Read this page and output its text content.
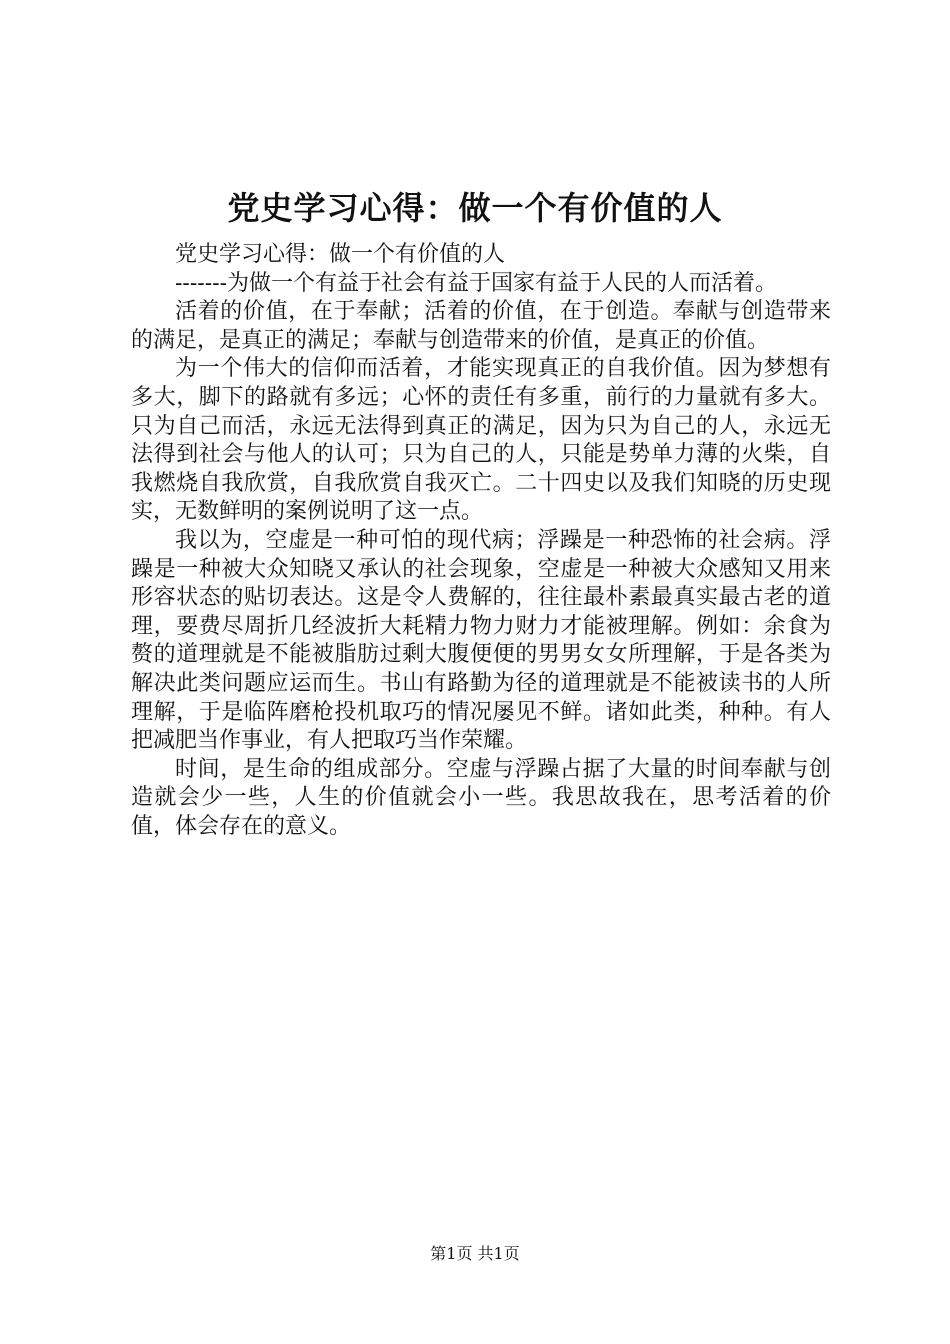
党史学习心得：做一个有价值的人

党史学习心得：做一个有价值的人

-------为做一个有益于社会有益于国家有益于人民的人而活着。

活着的价值，在于奉献；活着的价值，在于创造。奉献与创造带来的满足，是真正的满足；奉献与创造带来的价值，是真正的价值。

为一个伟大的信仰而活着，才能实现真正的自我价值。因为梦想有多大，脚下的路就有多远；心怀的责任有多重，前行的力量就有多大。只为自己而活，永远无法得到真正的满足，因为只为自己的人，永远无法得到社会与他人的认可；只为自己的人，只能是势单力薄的火柴，自我燃烧自我欣赏，自我欣赏自我灭亡。二十四史以及我们知晓的历史现实，无数鲜明的案例说明了这一点。

我以为，空虚是一种可怕的现代病；浮躁是一种恐怖的社会病。浮躁是一种被大众知晓又承认的社会现象，空虚是一种被大众感知又用来形容状态的贴切表达。这是令人费解的，往往最朴素最真实最古老的道理，要费尽周折几经波折大耗精力物力财力才能被理解。例如：余食为赘的道理就是不能被脂肪过剩大腹便便的男男女女所理解，于是各类为解决此类问题应运而生。书山有路勤为径的道理就是不能被读书的人所理解，于是临阵磨枪投机取巧的情况屡见不鲜。诸如此类，种种。有人把减肥当作事业，有人把取巧当作荣耀。

时间，是生命的组成部分。空虚与浮躁占据了大量的时间奉献与创造就会少一些，人生的价值就会小一些。我思故我在，思考活着的价值，体会存在的意义。

第1页 共1页
